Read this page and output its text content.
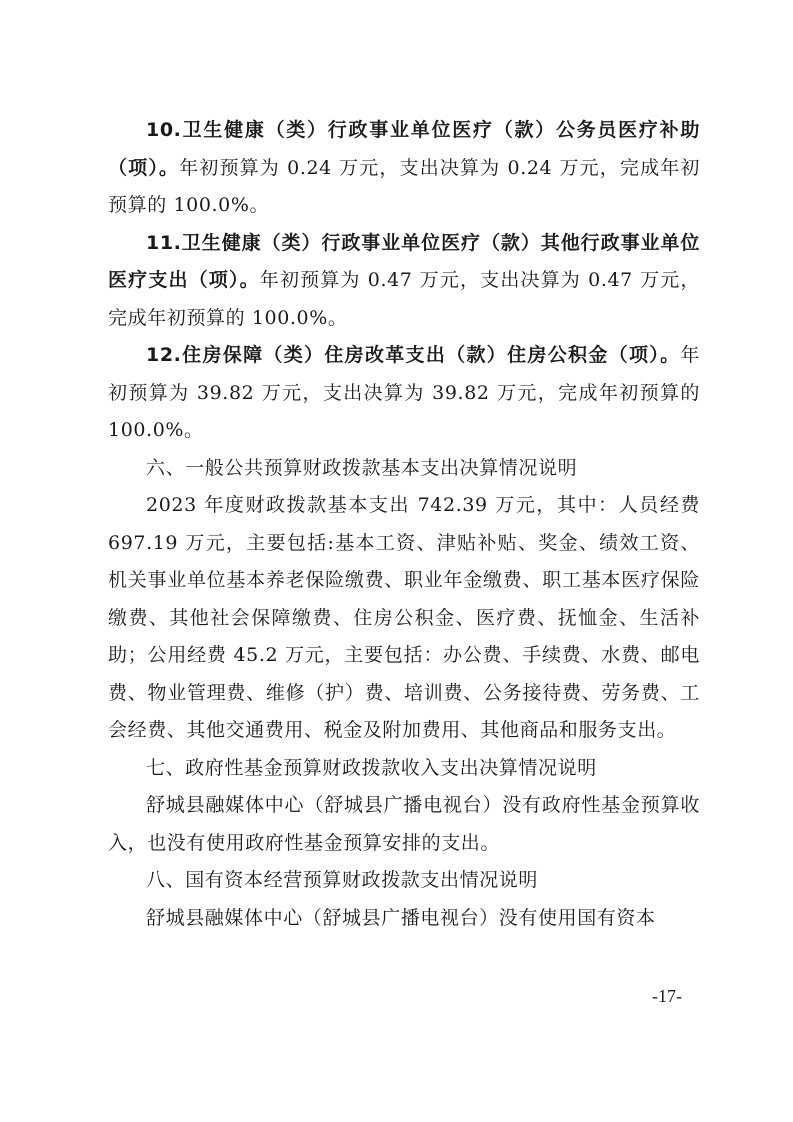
10.卫生健康（类）行政事业单位医疗（款）公务员医疗补助（项）。年初预算为 0.24 万元，支出决算为 0.24 万元，完成年初预算的 100.0%。

11.卫生健康（类）行政事业单位医疗（款）其他行政事业单位医疗支出（项）。年初预算为 0.47 万元，支出决算为 0.47 万元，完成年初预算的 100.0%。

12.住房保障（类）住房改革支出（款）住房公积金（项）。年初预算为 39.82 万元，支出决算为 39.82 万元，完成年初预算的 100.0%。

六、一般公共预算财政拨款基本支出决算情况说明

2023 年度财政拨款基本支出 742.39 万元，其中：人员经费 697.19 万元，主要包括:基本工资、津贴补贴、奖金、绩效工资、机关事业单位基本养老保险缴费、职业年金缴费、职工基本医疗保险缴费、其他社会保障缴费、住房公积金、医疗费、抚恤金、生活补助；公用经费 45.2 万元，主要包括：办公费、手续费、水费、邮电费、物业管理费、维修（护）费、培训费、公务接待费、劳务费、工会经费、其他交通费用、税金及附加费用、其他商品和服务支出。

七、政府性基金预算财政拨款收入支出决算情况说明

舒城县融媒体中心（舒城县广播电视台）没有政府性基金预算收入，也没有使用政府性基金预算安排的支出。

八、国有资本经营预算财政拨款支出情况说明

舒城县融媒体中心（舒城县广播电视台）没有使用国有资本

-17-
